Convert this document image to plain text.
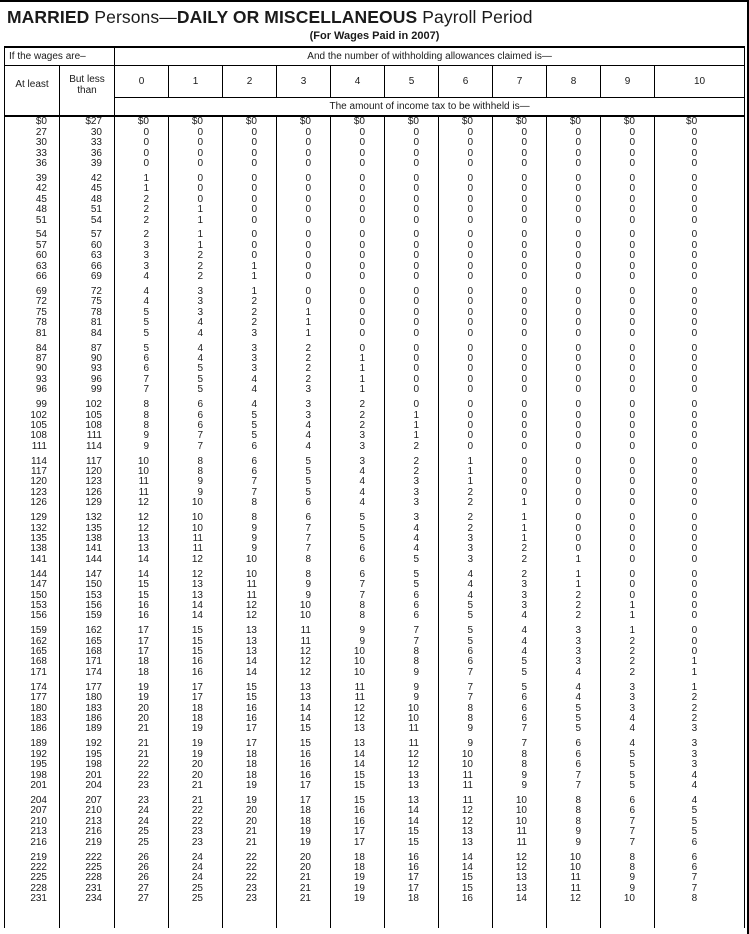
MARRIED Persons—DAILY OR MISCELLANEOUS Payroll Period
(For Wages Paid in 2007)
If the wages are–		And the number of withholding allowances claimed is—										
At least	But less than	0	1	2	3	4	5	6	7	8	9	10
		The amount of income tax to be withheld is—										
$0	$27	$0	$0	$0	$0	$0	$0	$0	$0	$0	$0	$0
27	30	0	0	0	0	0	0	0	0	0	0	0
30	33	0	0	0	0	0	0	0	0	0	0	0
33	36	0	0	0	0	0	0	0	0	0	0	0
36	39	0	0	0	0	0	0	0	0	0	0	0

39	42	1	0	0	0	0	0	0	0	0	0	0
42	45	1	0	0	0	0	0	0	0	0	0	0
45	48	2	0	0	0	0	0	0	0	0	0	0
48	51	2	1	0	0	0	0	0	0	0	0	0
51	54	2	1	0	0	0	0	0	0	0	0	0

54	57	2	1	0	0	0	0	0	0	0	0	0
57	60	3	1	0	0	0	0	0	0	0	0	0
60	63	3	2	0	0	0	0	0	0	0	0	0
63	66	3	2	1	0	0	0	0	0	0	0	0
66	69	4	2	1	0	0	0	0	0	0	0	0

69	72	4	3	1	0	0	0	0	0	0	0	0
72	75	4	3	2	0	0	0	0	0	0	0	0
75	78	5	3	2	1	0	0	0	0	0	0	0
78	81	5	4	2	1	0	0	0	0	0	0	0
81	84	5	4	3	1	0	0	0	0	0	0	0

84	87	5	4	3	2	0	0	0	0	0	0	0
87	90	6	4	3	2	1	0	0	0	0	0	0
90	93	6	5	3	2	1	0	0	0	0	0	0
93	96	7	5	4	2	1	0	0	0	0	0	0
96	99	7	5	4	3	1	0	0	0	0	0	0

99	102	8	6	4	3	2	0	0	0	0	0	0
102	105	8	6	5	3	2	1	0	0	0	0	0
105	108	8	6	5	4	2	1	0	0	0	0	0
108	111	9	7	5	4	3	1	0	0	0	0	0
111	114	9	7	6	4	3	2	0	0	0	0	0

114	117	10	8	6	5	3	2	1	0	0	0	0
117	120	10	8	6	5	4	2	1	0	0	0	0
120	123	11	9	7	5	4	3	1	0	0	0	0
123	126	11	9	7	5	4	3	2	0	0	0	0
126	129	12	10	8	6	4	3	2	1	0	0	0

129	132	12	10	8	6	5	3	2	1	0	0	0
132	135	12	10	9	7	5	4	2	1	0	0	0
135	138	13	11	9	7	5	4	3	1	0	0	0
138	141	13	11	9	7	6	4	3	2	0	0	0
141	144	14	12	10	8	6	5	3	2	1	0	0

144	147	14	12	10	8	6	5	4	2	1	0	0
147	150	15	13	11	9	7	5	4	3	1	0	0
150	153	15	13	11	9	7	6	4	3	2	0	0
153	156	16	14	12	10	8	6	5	3	2	1	0
156	159	16	14	12	10	8	6	5	4	2	1	0

159	162	17	15	13	11	9	7	5	4	3	1	0
162	165	17	15	13	11	9	7	5	4	3	2	0
165	168	17	15	13	12	10	8	6	4	3	2	0
168	171	18	16	14	12	10	8	6	5	3	2	1
171	174	18	16	14	12	10	9	7	5	4	2	1

174	177	19	17	15	13	11	9	7	5	4	3	1
177	180	19	17	15	13	11	9	7	6	4	3	2
180	183	20	18	16	14	12	10	8	6	5	3	2
183	186	20	18	16	14	12	10	8	6	5	4	2
186	189	21	19	17	15	13	11	9	7	5	4	3

189	192	21	19	17	15	13	11	9	7	6	4	3
192	195	21	19	18	16	14	12	10	8	6	5	3
195	198	22	20	18	16	14	12	10	8	6	5	3
198	201	22	20	18	16	15	13	11	9	7	5	4
201	204	23	21	19	17	15	13	11	9	7	5	4

204	207	23	21	19	17	15	13	11	10	8	6	4
207	210	24	22	20	18	16	14	12	10	8	6	5
210	213	24	22	20	18	16	14	12	10	8	7	5
213	216	25	23	21	19	17	15	13	11	9	7	5
216	219	25	23	21	19	17	15	13	11	9	7	6

219	222	26	24	22	20	18	16	14	12	10	8	6
222	225	26	24	22	20	18	16	14	12	10	8	6
225	228	26	24	22	21	19	17	15	13	11	9	7
228	231	27	25	23	21	19	17	15	13	11	9	7
231	234	27	25	23	21	19	18	16	14	12	10	8
